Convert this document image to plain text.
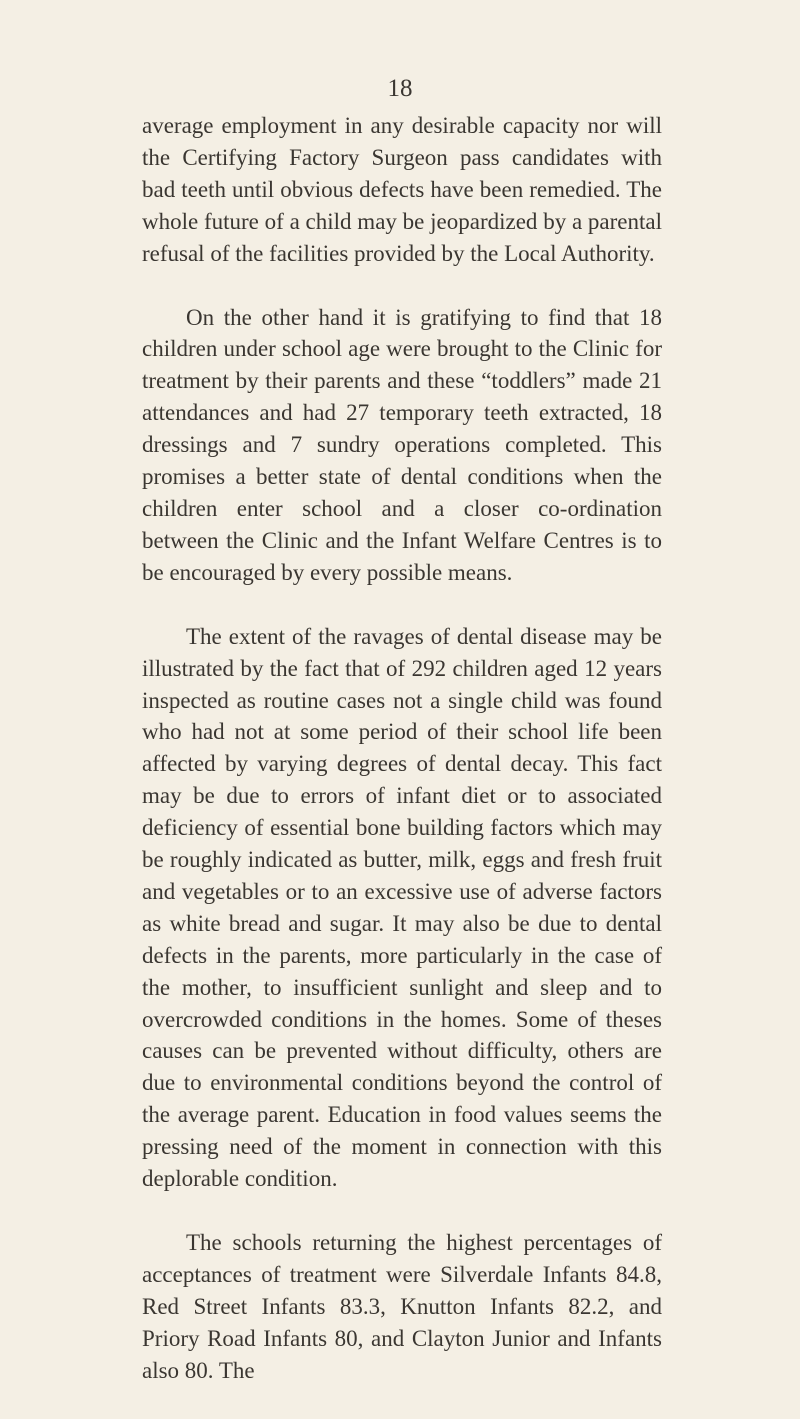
18

average employment in any desirable capacity nor will the Certifying Factory Surgeon pass candidates with bad teeth until obvious defects have been remedied. The whole future of a child may be jeopardized by a parental refusal of the facilities provided by the Local Authority.

On the other hand it is gratifying to find that 18 children under school age were brought to the Clinic for treatment by their parents and these “toddlers” made 21 attendances and had 27 temporary teeth extracted, 18 dressings and 7 sundry operations completed. This promises a better state of dental conditions when the children enter school and a closer co-ordination between the Clinic and the Infant Welfare Centres is to be encouraged by every possible means.

The extent of the ravages of dental disease may be illustrated by the fact that of 292 children aged 12 years inspected as routine cases not a single child was found who had not at some period of their school life been affected by varying degrees of dental decay. This fact may be due to errors of infant diet or to associated deficiency of essential bone building factors which may be roughly indicated as butter, milk, eggs and fresh fruit and vegetables or to an excessive use of adverse factors as white bread and sugar. It may also be due to dental defects in the parents, more particularly in the case of the mother, to insufficient sunlight and sleep and to overcrowded conditions in the homes. Some of theses causes can be prevented without difficulty, others are due to environmental conditions beyond the control of the average parent. Education in food values seems the pressing need of the moment in connection with this deplorable condition.

The schools returning the highest percentages of acceptances of treatment were Silverdale Infants 84.8, Red Street Infants 83.3, Knutton Infants 82.2, and Priory Road Infants 80, and Clayton Junior and Infants also 80. The
